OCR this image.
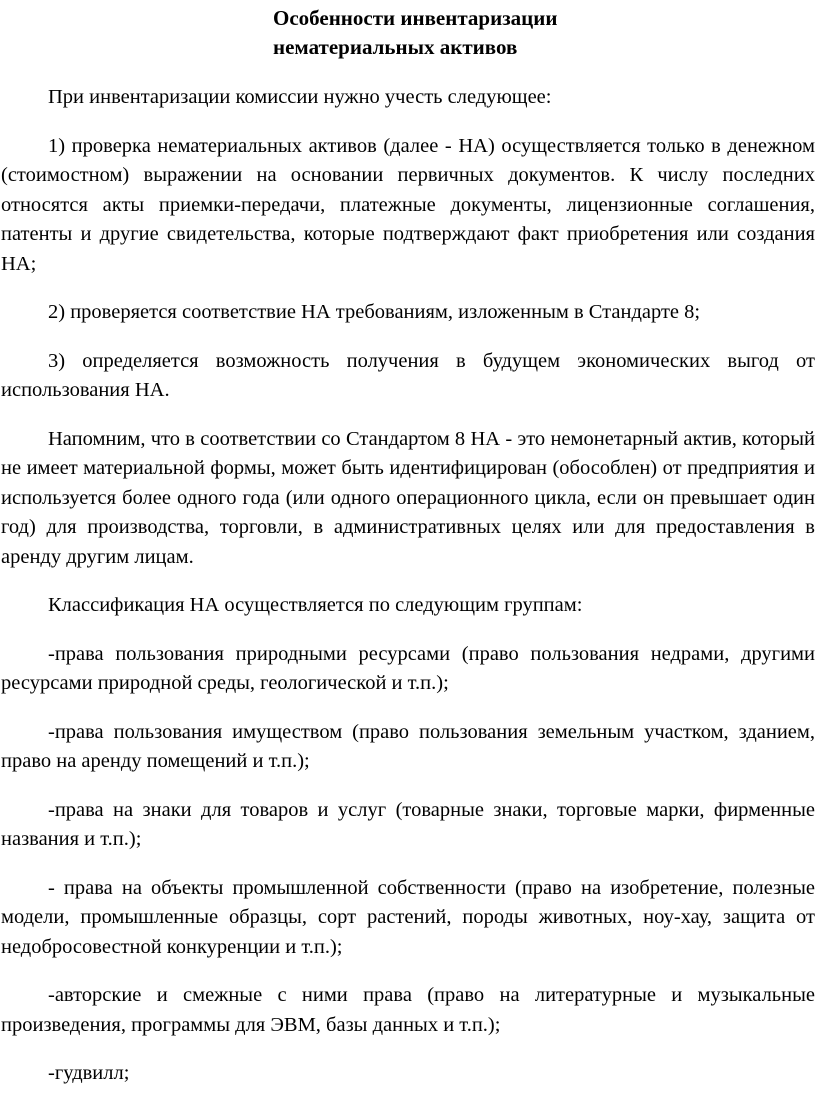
Особенности инвентаризации
нематериальных активов

При инвентаризации комиссии нужно учесть следующее:

1) проверка нематериальных активов (далее - НА) осуществляется только в денежном (стоимостном) выражении на основании первичных документов. К числу последних относятся акты приемки-передачи, платежные документы, лицензионные соглашения, патенты и другие свидетельства, которые подтверждают факт приобретения или создания НА;

2) проверяется соответствие НА требованиям, изложенным в Стандарте 8;

3) определяется возможность получения в будущем экономических выгод от использования НА.

Напомним, что в соответствии со Стандартом 8 НА - это немонетарный актив, который не имеет материальной формы, может быть идентифицирован (обособлен) от предприятия и используется более одного года (или одного операционного цикла, если он превышает один год) для производства, торговли, в административных целях или для предоставления в аренду другим лицам.

Классификация НА осуществляется по следующим группам:

-права пользования природными ресурсами (право пользования недрами, другими ресурсами природной среды, геологической и т.п.);

-права пользования имуществом (право пользования земельным участком, зданием, право на аренду помещений и т.п.);

-права на знаки для товаров и услуг (товарные знаки, торговые марки, фирменные названия и т.п.);

- права на объекты промышленной собственности (право на изобретение, полезные модели, промышленные образцы, сорт растений, породы животных, ноу-хау, защита от недобросовестной конкуренции и т.п.);

-авторские и смежные с ними права (право на литературные и музыкальные произведения, программы для ЭВМ, базы данных и т.п.);

-гудвилл;
